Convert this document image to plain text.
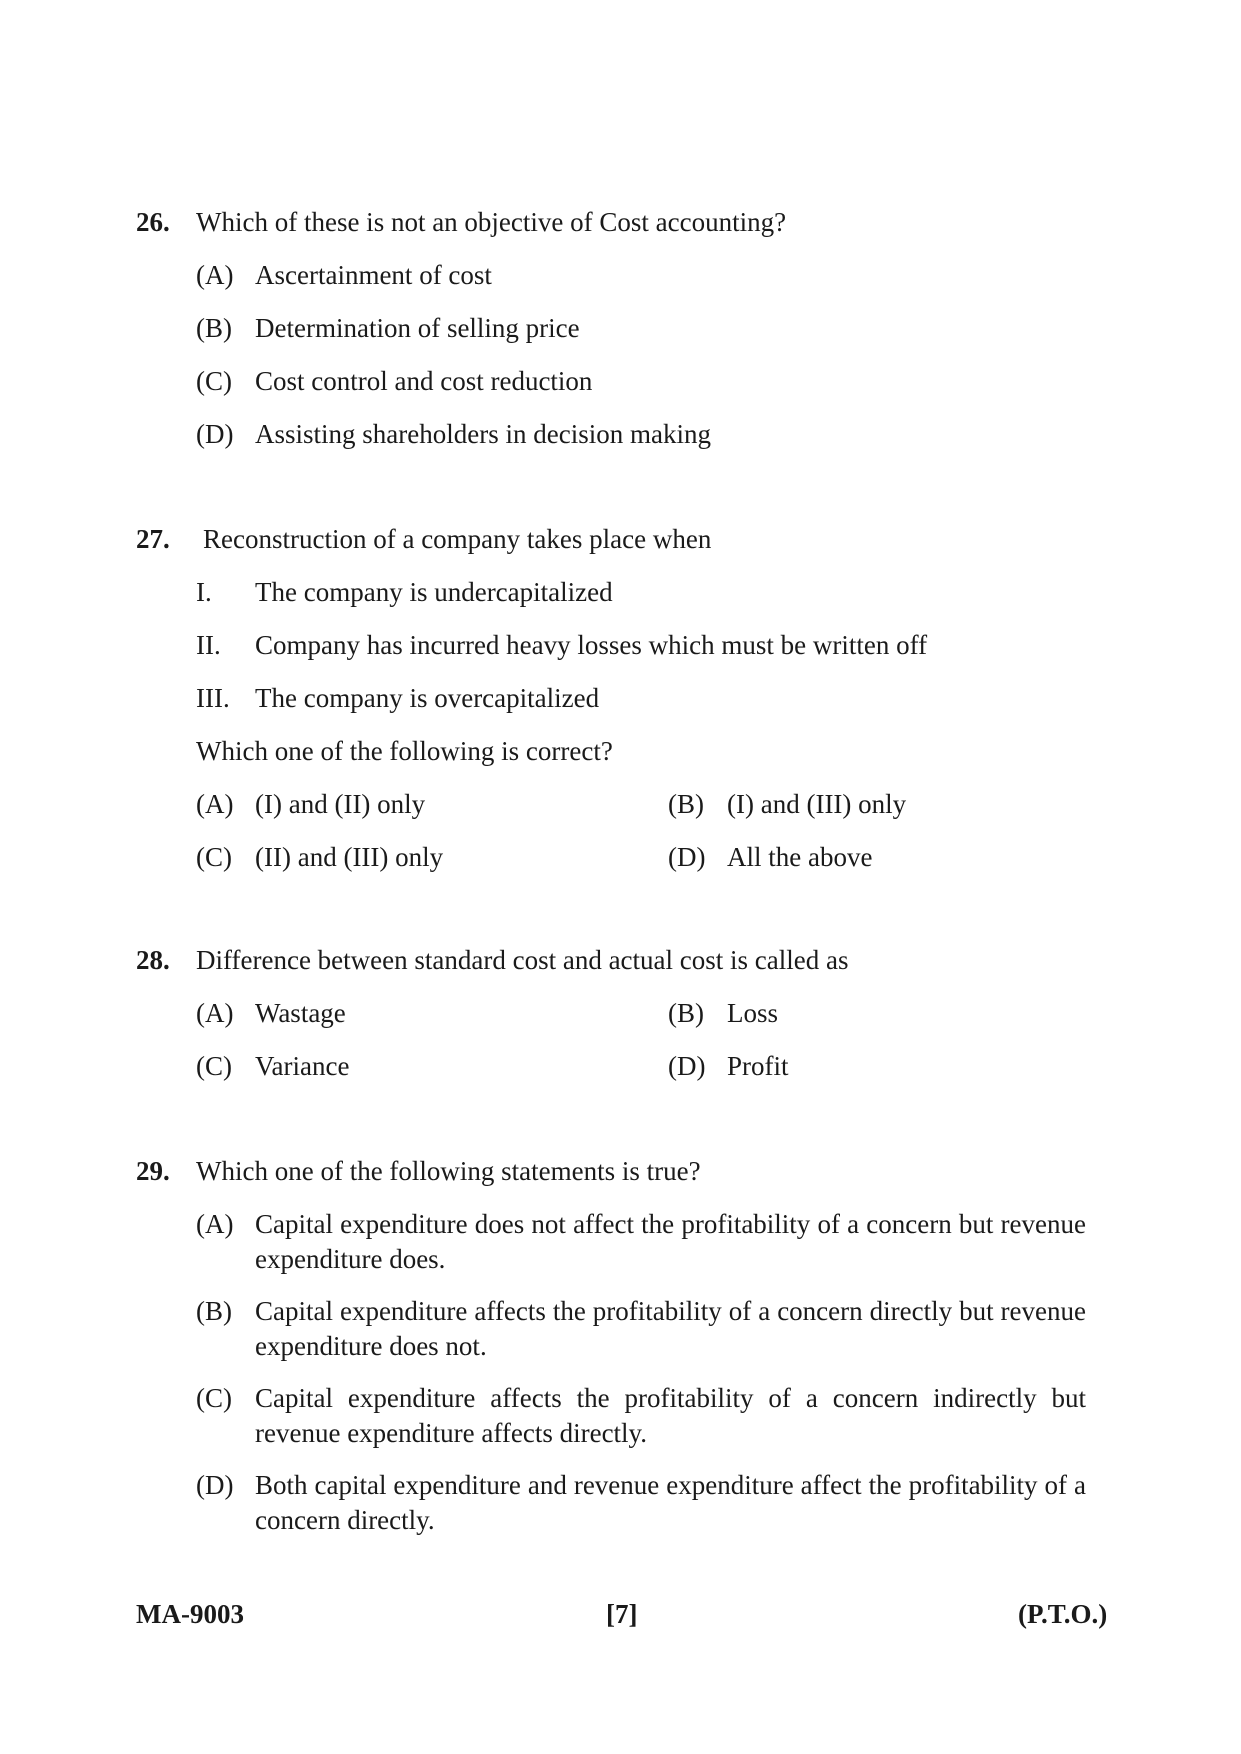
26. Which of these is not an objective of Cost accounting?
(A) Ascertainment of cost
(B) Determination of selling price
(C) Cost control and cost reduction
(D) Assisting shareholders in decision making
27.	Reconstruction of a company takes place when
I.	The company is undercapitalized
II.	Company has incurred heavy losses which must be written off
III. The company is overcapitalized
Which one of the following is correct?
(A) (I) and (II) only	(B) (I) and (III) only
(C) (II) and (III) only	(D) All the above
28. Difference between standard cost and actual cost is called as
(A) Wastage	(B) Loss
(C) Variance	(D) Profit
29. Which one of the following statements is true?
(A) Capital expenditure does not affect the profitability of a concern but revenue expenditure does.
(B) Capital expenditure affects the profitability of a concern directly but revenue expenditure does not.
(C) Capital expenditure affects the profitability of a concern indirectly but revenue expenditure affects directly.
(D) Both capital expenditure and revenue expenditure affect the profitability of a concern directly.
MA-9003	[7]	(P.T.O.)
